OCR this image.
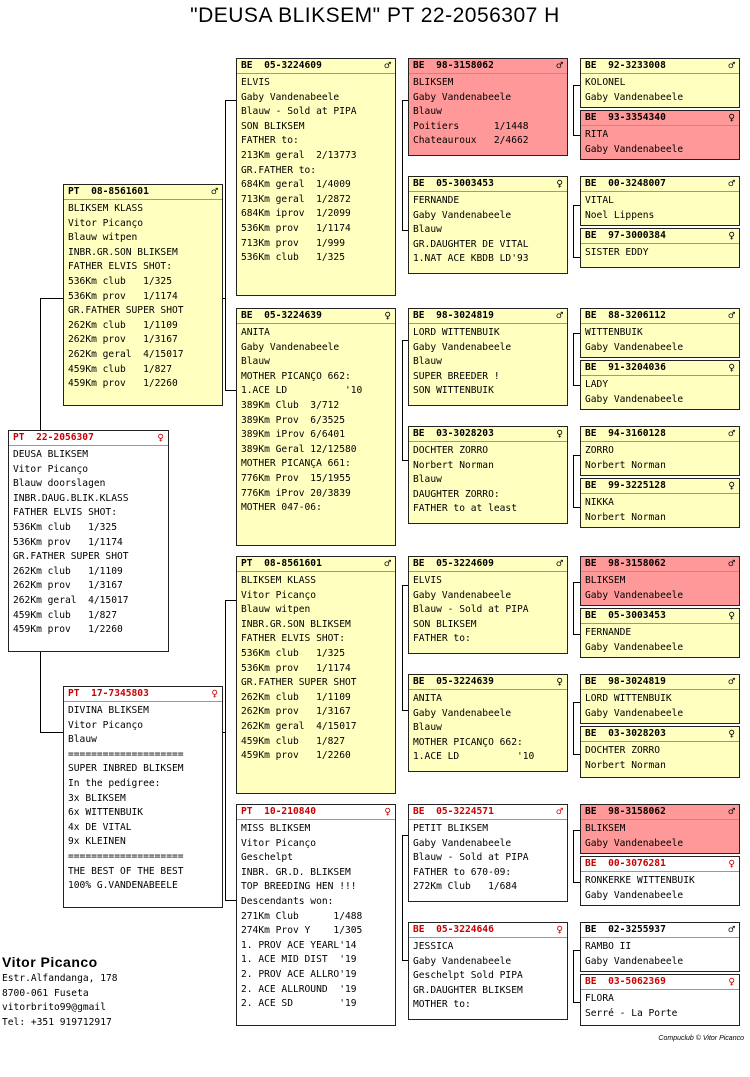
"DEUSA BLIKSEM" PT 22-2056307 H
PT  22-2056307	♀
DEUSA BLIKSEM
Vitor Picanço
Blauw doorslagen
INBR.DAUG.BLIK.KLASS
FATHER ELVIS SHOT:
536Km club   1/325
536Km prov   1/1174
GR.FATHER SUPER SHOT
262Km club   1/1109
262Km prov   1/3167
262Km geral  4/15017
459Km club   1/827
459Km prov   1/2260
PT  08-8561601	♂
BLIKSEM KLASS
Vitor Picanço
Blauw witpen
INBR.GR.SON BLIKSEM
FATHER ELVIS SHOT:
536Km club   1/325
536Km prov   1/1174
GR.FATHER SUPER SHOT
262Km club   1/1109
262Km prov   1/3167
262Km geral  4/15017
459Km club   1/827
459Km prov   1/2260
PT  17-7345803	♀
DIVINA BLIKSEM
Vitor Picanço
Blauw
====================
SUPER INBRED BLIKSEM
In the pedigree:
3x BLIKSEM
6x WITTENBUIK
4x DE VITAL
9x KLEINEN
====================
THE BEST OF THE BEST
100% G.VANDENABEELE
BE  05-3224609	♂
ELVIS
Gaby Vandenabeele
Blauw - Sold at PIPA
SON BLIKSEM
FATHER to:
213Km geral  2/13773
GR.FATHER to:
684Km geral  1/4009
713Km geral  1/2872
684Km iprov  1/2099
536Km prov   1/1174
713Km prov   1/999
536Km club   1/325
BE  05-3224639	♀
ANITA
Gaby Vandenabeele
Blauw
MOTHER PICANÇO 662:
1.ACE LD          '10
389Km Club  3/712
389Km Prov  6/3525
389Km iProv 6/6401
389Km Geral 12/12580
MOTHER PICANÇA 661:
776Km Prov  15/1955
776Km iProv 20/3839
MOTHER 047-06:
PT  08-8561601	♂
BLIKSEM KLASS
Vitor Picanço
Blauw witpen
INBR.GR.SON BLIKSEM
FATHER ELVIS SHOT:
536Km club   1/325
536Km prov   1/1174
GR.FATHER SUPER SHOT
262Km club   1/1109
262Km prov   1/3167
262Km geral  4/15017
459Km club   1/827
459Km prov   1/2260
PT  10-210840	♀
MISS BLIKSEM
Vitor Picanço
Geschelpt
INBR. GR.D. BLIKSEM
TOP BREEDING HEN !!!
Descendants won:
271Km Club      1/488
274Km Prov Y    1/305
1. PROV ACE YEARL'14
1. ACE MID DIST  '19
2. PROV ACE ALLRO'19
2. ACE ALLROUND  '19
2. ACE SD        '19
BE  98-3158062	♂
BLIKSEM
Gaby Vandenabeele
Blauw
Poitiers      1/1448
Chateauroux   2/4662
BE  05-3003453	♀
FERNANDE
Gaby Vandenabeele
Blauw
GR.DAUGHTER DE VITAL
1.NAT ACE KBDB LD'93
BE  98-3024819	♂
LORD WITTENBUIK
Gaby Vandenabeele
Blauw
SUPER BREEDER !
SON WITTENBUIK
BE  03-3028203	♀
DOCHTER ZORRO
Norbert Norman
Blauw
DAUGHTER ZORRO:
FATHER to at least
BE  05-3224609	♂
ELVIS
Gaby Vandenabeele
Blauw - Sold at PIPA
SON BLIKSEM
FATHER to:
BE  05-3224639	♀
ANITA
Gaby Vandenabeele
Blauw
MOTHER PICANÇO 662:
1.ACE LD          '10
BE  05-3224571	♂
PETIT BLIKSEM
Gaby Vandenabeele
Blauw - Sold at PIPA
FATHER to 670-09:
272Km Club   1/684
BE  05-3224646	♀
JESSICA
Gaby Vandenabeele
Geschelpt Sold PIPA
GR.DAUGHTER BLIKSEM
MOTHER to:
BE  92-3233008	♂
KOLONEL
Gaby Vandenabeele
BE  93-3354340	♀
RITA
Gaby Vandenabeele
BE  00-3248007	♂
VITAL
Noel Lippens
BE  97-3000384	♀
SISTER EDDY
BE  88-3206112	♂
WITTENBUIK
Gaby Vandenabeele
BE  91-3204036	♀
LADY
Gaby Vandenabeele
BE  94-3160128	♂
ZORRO
Norbert Norman
BE  99-3225128	♀
NIKKA
Norbert Norman
BE  98-3158062	♂
BLIKSEM
Gaby Vandenabeele
BE  05-3003453	♀
FERNANDE
Gaby Vandenabeele
BE  98-3024819	♂
LORD WITTENBUIK
Gaby Vandenabeele
BE  03-3028203	♀
DOCHTER ZORRO
Norbert Norman
BE  98-3158062	♂
BLIKSEM
Gaby Vandenabeele
BE  00-3076281	♀
RONKERKE WITTENBUIK
Gaby Vandenabeele
BE  02-3255937	♂
RAMBO II
Gaby Vandenabeele
BE  03-5062369	♀
FLORA
Serré - La Porte
Vitor Picanco
Estr.Alfandanga, 178
8700-061 Fuseta
vitorbrito99@gmail
Tel: +351 919712917
Compuclub © Vitor Picanco
